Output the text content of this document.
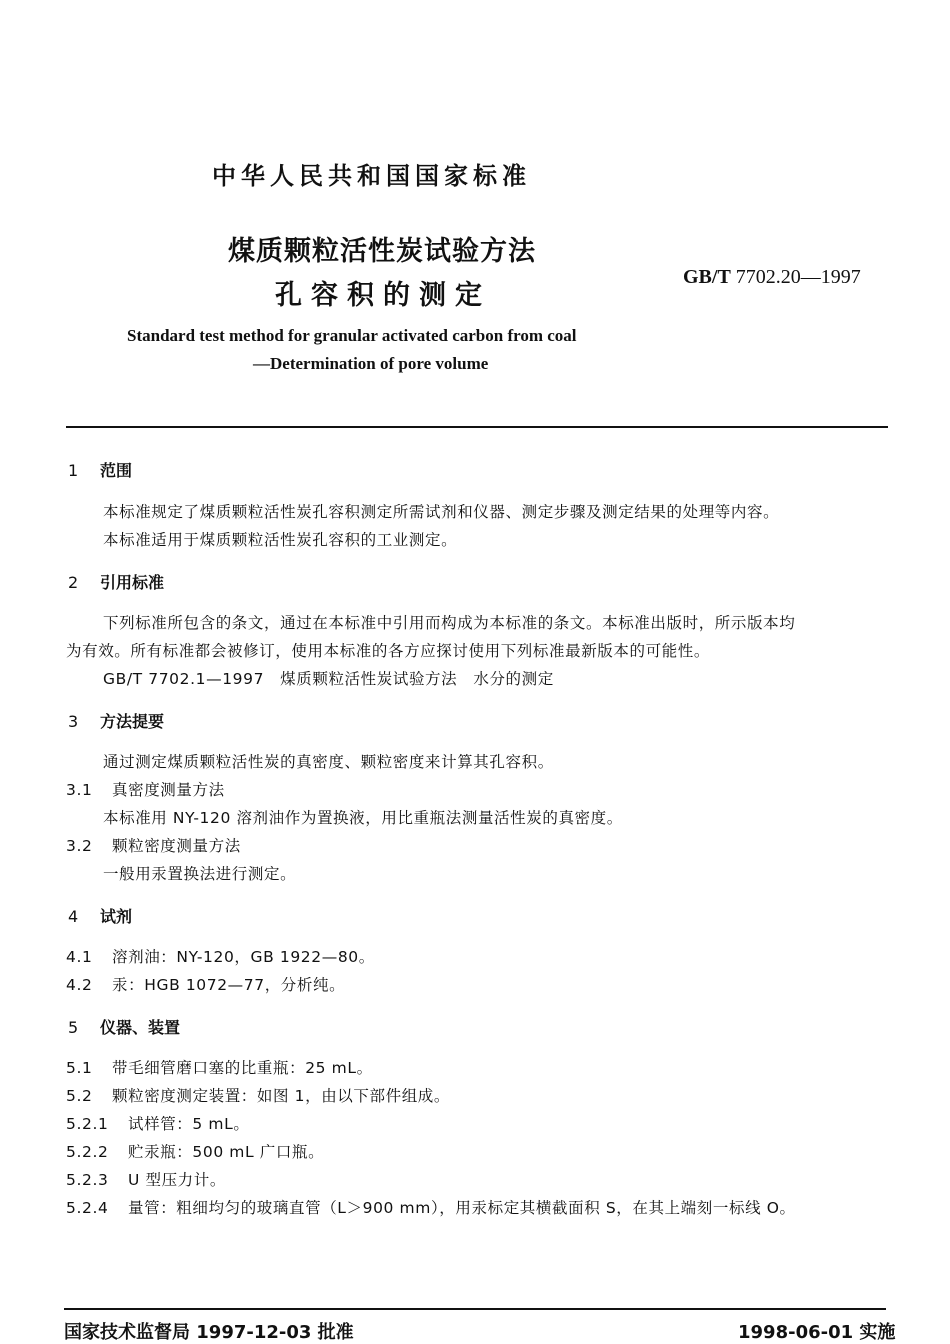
中华人民共和国国家标准
煤质颗粒活性炭试验方法
孔容积的测定
GB/T 7702.20—1997
Standard test method for granular activated carbon from coal
—Determination of pore volume
1 范围
本标准规定了煤质颗粒活性炭孔容积测定所需试剂和仪器、测定步骤及测定结果的处理等内容。
本标准适用于煤质颗粒活性炭孔容积的工业测定。
2 引用标准
下列标准所包含的条文，通过在本标准中引用而构成为本标准的条文。本标准出版时，所示版本均
为有效。所有标准都会被修订，使用本标准的各方应探讨使用下列标准最新版本的可能性。
GB/T 7702.1—1997　煤质颗粒活性炭试验方法　水分的测定
3 方法提要
通过测定煤质颗粒活性炭的真密度、颗粒密度来计算其孔容积。
3.1 真密度测量方法
本标准用 NY-120 溶剂油作为置换液，用比重瓶法测量活性炭的真密度。
3.2 颗粒密度测量方法
一般用汞置换法进行测定。
4 试剂
4.1 溶剂油：NY-120，GB 1922—80。
4.2 汞：HGB 1072—77，分析纯。
5 仪器、装置
5.1 带毛细管磨口塞的比重瓶：25 mL。
5.2 颗粒密度测定装置：如图 1，由以下部件组成。
5.2.1 试样管：5 mL。
5.2.2 贮汞瓶：500 mL 广口瓶。
5.2.3 U 型压力计。
5.2.4 量管：粗细均匀的玻璃直管（L＞900 mm），用汞标定其横截面积 S，在其上端刻一标线 O。
国家技术监督局 1997-12-03 批准	1998-06-01 实施
